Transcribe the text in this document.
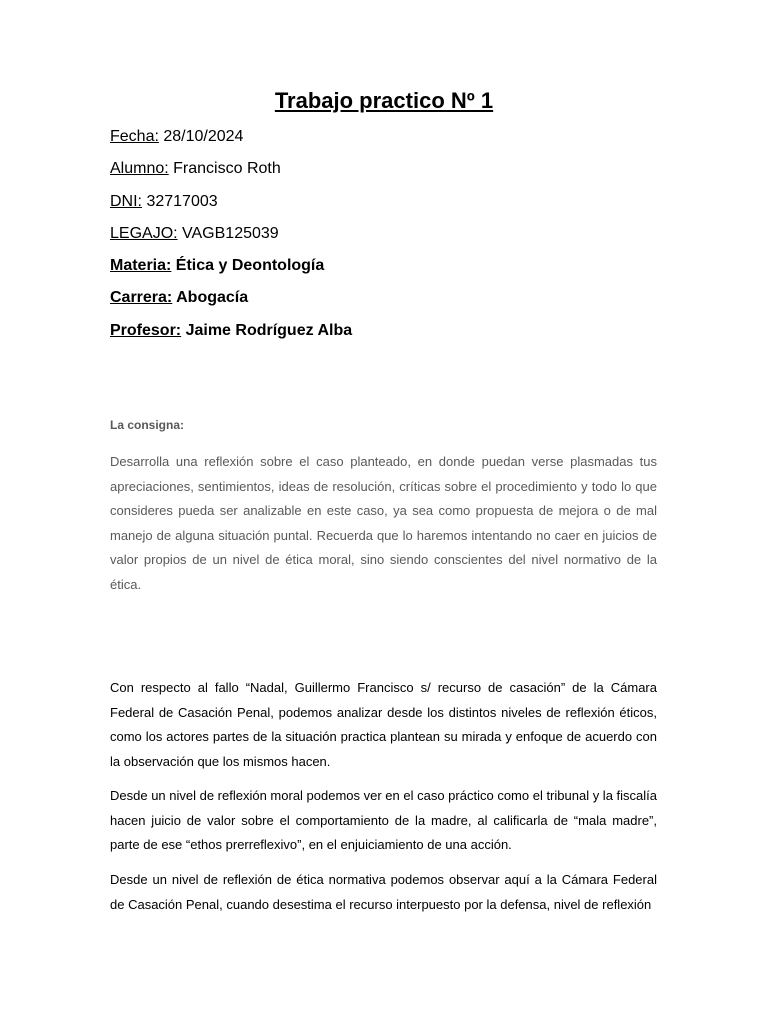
Trabajo practico Nº 1
Fecha: 28/10/2024
Alumno: Francisco Roth
DNI: 32717003
LEGAJO: VAGB125039
Materia: Ética y Deontología
Carrera: Abogacía
Profesor: Jaime Rodríguez Alba

La consigna:

Desarrolla una reflexión sobre el caso planteado, en donde puedan verse plasmadas tus apreciaciones, sentimientos, ideas de resolución, críticas sobre el procedimiento y todo lo que consideres pueda ser analizable en este caso, ya sea como propuesta de mejora o de mal manejo de alguna situación puntal. Recuerda que lo haremos intentando no caer en juicios de valor propios de un nivel de ética moral, sino siendo conscientes del nivel normativo de la ética.

Con respecto al fallo “Nadal, Guillermo Francisco s/ recurso de casación” de la Cámara Federal de Casación Penal, podemos analizar desde los distintos niveles de reflexión éticos, como los actores partes de la situación practica plantean su mirada y enfoque de acuerdo con la observación que los mismos hacen.

Desde un nivel de reflexión moral podemos ver en el caso práctico como el tribunal y la fiscalía hacen juicio de valor sobre el comportamiento de la madre, al calificarla de “mala madre”, parte de ese “ethos prerreflexivo”, en el enjuiciamiento de una acción.

Desde un nivel de reflexión de ética normativa podemos observar aquí a la Cámara Federal de Casación Penal, cuando desestima el recurso interpuesto por la defensa, nivel de reflexión
